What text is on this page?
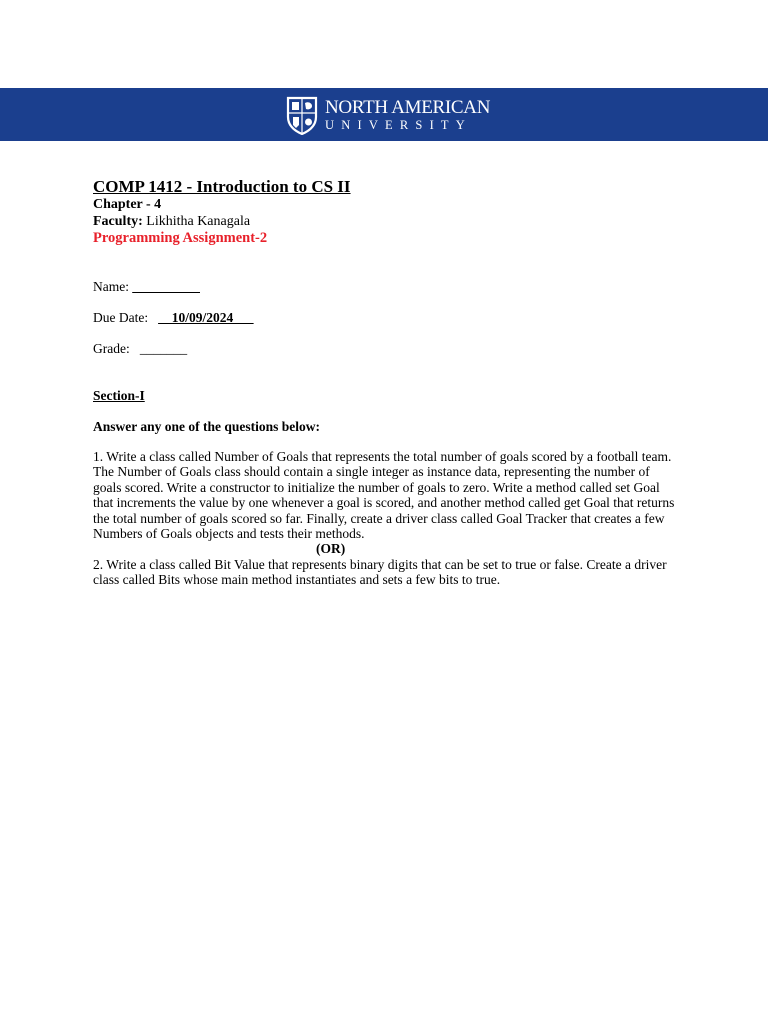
NORTH AMERICAN
UNIVERSITY

COMP 1412 - Introduction to CS II

Chapter - 4

Faculty: Likhitha Kanagala

Programming Assignment-2

Name: __            __
Due Date: __10/09/2024___
Grade: _______
Section-I
Answer any one of the questions below:

1. Write a class called Number of Goals that represents the total number of goals scored by a football team. The Number of Goals class should contain a single integer as instance data, representing the number of goals scored. Write a constructor to initialize the number of goals to zero. Write a method called set Goal that increments the value by one whenever a goal is scored, and another method called get Goal that returns the total number of goals scored so far. Finally, create a driver class called Goal Tracker that creates a few Numbers of Goals objects and tests their methods.

(OR)

2. Write a class called Bit Value that represents binary digits that can be set to true or false. Create a driver class called Bits whose main method instantiates and sets a few bits to true.
